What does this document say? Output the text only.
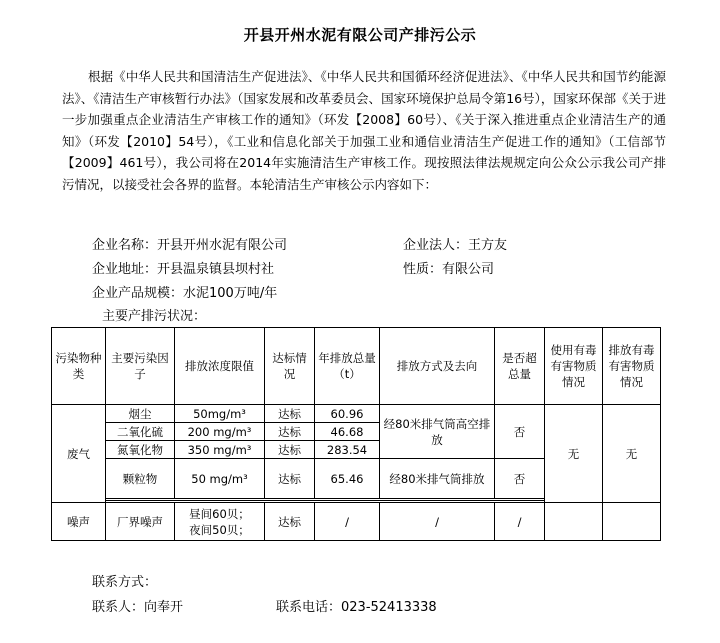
开县开州水泥有限公司产排污公示
根据《中华人民共和国清洁生产促进法》、《中华人民共和国循环经济促进法》、《中华人民共和国节约能源法》、《清洁生产审核暂行办法》（国家发展和改革委员会、国家环境保护总局令第16号），国家环保部《关于进一步加强重点企业清洁生产审核工作的通知》（环发【2008】60号）、《关于深入推进重点企业清洁生产的通知》（环发【2010】54号），《工业和信息化部关于加强工业和通信业清洁生产促进工作的通知》（工信部节【2009】461号），我公司将在2014年实施清洁生产审核工作。现按照法律法规规定向公众公示我公司产排污情况，以接受社会各界的监督。本轮清洁生产审核公示内容如下：
企业名称：开县开州水泥有限公司	企业法人：王方友
企业地址：开县温泉镇县坝村社	性质：有限公司
企业产品规模：水泥100万吨/年
主要产排污状况：
污染物种类	主要污染因子	排放浓度限值	达标情况	年排放总量（t）	排放方式及去向	是否超总量	使用有毒有害物质情况	排放有毒有害物质情况
废气	烟尘	50mg/m³	达标	60.96	经80米排气筒高空排放	否	无	无
	二氧化硫	200 mg/m³	达标	46.68				
	氮氧化物	350 mg/m³	达标	283.54				
	颗粒物	50 mg/m³	达标	65.46	经80米排气筒排放	否		

噪声	厂界噪声	昼间60贝；
夜间50贝；	达标	/	/	/		
联系方式：
联系人：向奉开	联系电话：023-52413338
